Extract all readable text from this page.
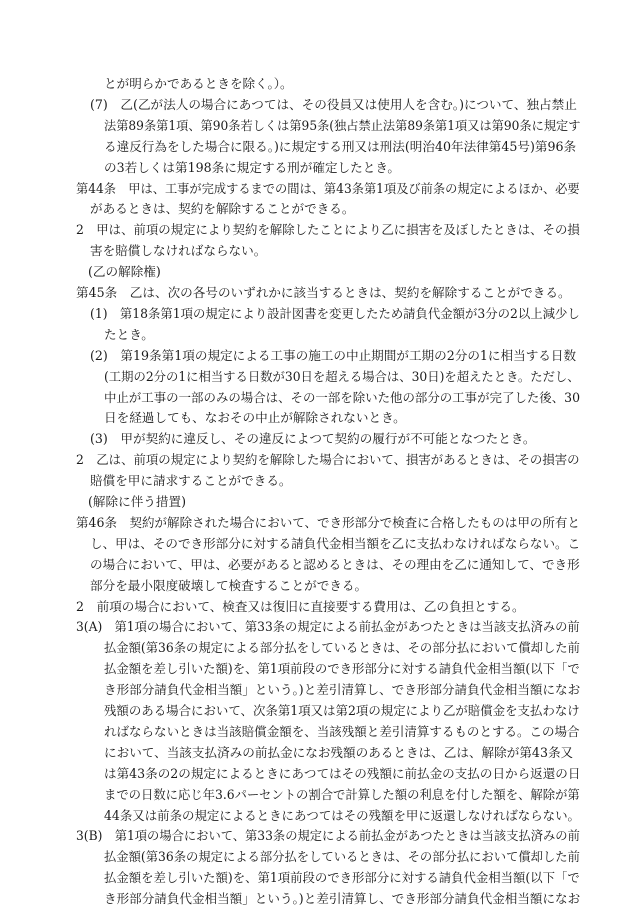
とが明らかであるときを除く。）。
(7)　乙(乙が法人の場合にあつては、その役員又は使用人を含む。)について、独占禁止
法第89条第1項、第90条若しくは第95条(独占禁止法第89条第1項又は第90条に規定す
る違反行為をした場合に限る。)に規定する刑又は刑法(明治40年法律第45号)第96条
の3若しくは第198条に規定する刑が確定したとき。
第44条　甲は、工事が完成するまでの間は、第43条第1項及び前条の規定によるほか、必要
があるときは、契約を解除することができる。
2　甲は、前項の規定により契約を解除したことにより乙に損害を及ぼしたときは、その損
害を賠償しなければならない。
(乙の解除権)
第45条　乙は、次の各号のいずれかに該当するときは、契約を解除することができる。
(1)　第18条第1項の規定により設計図書を変更したため請負代金額が3分の2以上減少し
たとき。
(2)　第19条第1項の規定による工事の施工の中止期間が工期の2分の1に相当する日数
(工期の2分の1に相当する日数が30日を超える場合は、30日)を超えたとき。ただし、
中止が工事の一部のみの場合は、その一部を除いた他の部分の工事が完了した後、30
日を経過しても、なおその中止が解除されないとき。
(3)　甲が契約に違反し、その違反によつて契約の履行が不可能となつたとき。
2　乙は、前項の規定により契約を解除した場合において、損害があるときは、その損害の
賠償を甲に請求することができる。
(解除に伴う措置)
第46条　契約が解除された場合において、でき形部分で検査に合格したものは甲の所有と
し、甲は、そのでき形部分に対する請負代金相当額を乙に支払わなければならない。こ
の場合において、甲は、必要があると認めるときは、その理由を乙に通知して、でき形
部分を最小限度破壊して検査することができる。
2　前項の場合において、検査又は復旧に直接要する費用は、乙の負担とする。
3(A)　第1項の場合において、第33条の規定による前払金があつたときは当該支払済みの前
払金額(第36条の規定による部分払をしているときは、その部分払において償却した前
払金額を差し引いた額)を、第1項前段のでき形部分に対する請負代金相当額(以下「で
き形部分請負代金相当額」という。)と差引清算し、でき形部分請負代金相当額になお
残額のある場合において、次条第1項又は第2項の規定により乙が賠償金を支払わなけ
ればならないときは当該賠償金額を、当該残額と差引清算するものとする。この場合
において、当該支払済みの前払金になお残額のあるときは、乙は、解除が第43条又
は第43条の2の規定によるときにあつてはその残額に前払金の支払の日から返還の日
までの日数に応じ年3.6パーセントの割合で計算した額の利息を付した額を、解除が第
44条又は前条の規定によるときにあつてはその残額を甲に返還しなければならない。
3(B)　第1項の場合において、第33条の規定による前払金があつたときは当該支払済みの前
払金額(第36条の規定による部分払をしているときは、その部分払において償却した前
払金額を差し引いた額)を、第1項前段のでき形部分に対する請負代金相当額(以下「で
き形部分請負代金相当額」という。)と差引清算し、でき形部分請負代金相当額になお
